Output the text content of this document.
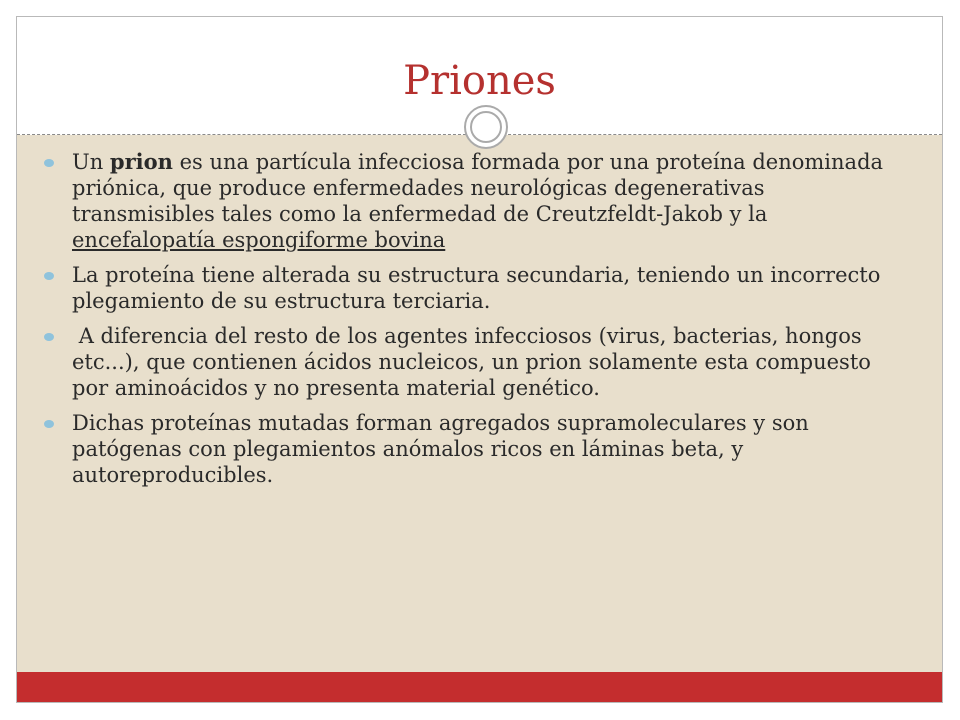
Priones
Un prion es una partícula infecciosa formada por una proteína denominada priónica, que produce enfermedades neurológicas degenerativas transmisibles tales como la enfermedad de Creutzfeldt-Jakob y la encefalopatía espongiforme bovina
La proteína tiene alterada su estructura secundaria, teniendo un incorrecto plegamiento de su estructura terciaria.
A diferencia del resto de los agentes infecciosos (virus, bacterias, hongos etc...), que contienen ácidos nucleicos, un prion solamente esta compuesto por aminoácidos y no presenta material genético.
Dichas proteínas mutadas forman agregados supramoleculares y son patógenas con plegamientos anómalos ricos en láminas beta, y autoreproducibles.
